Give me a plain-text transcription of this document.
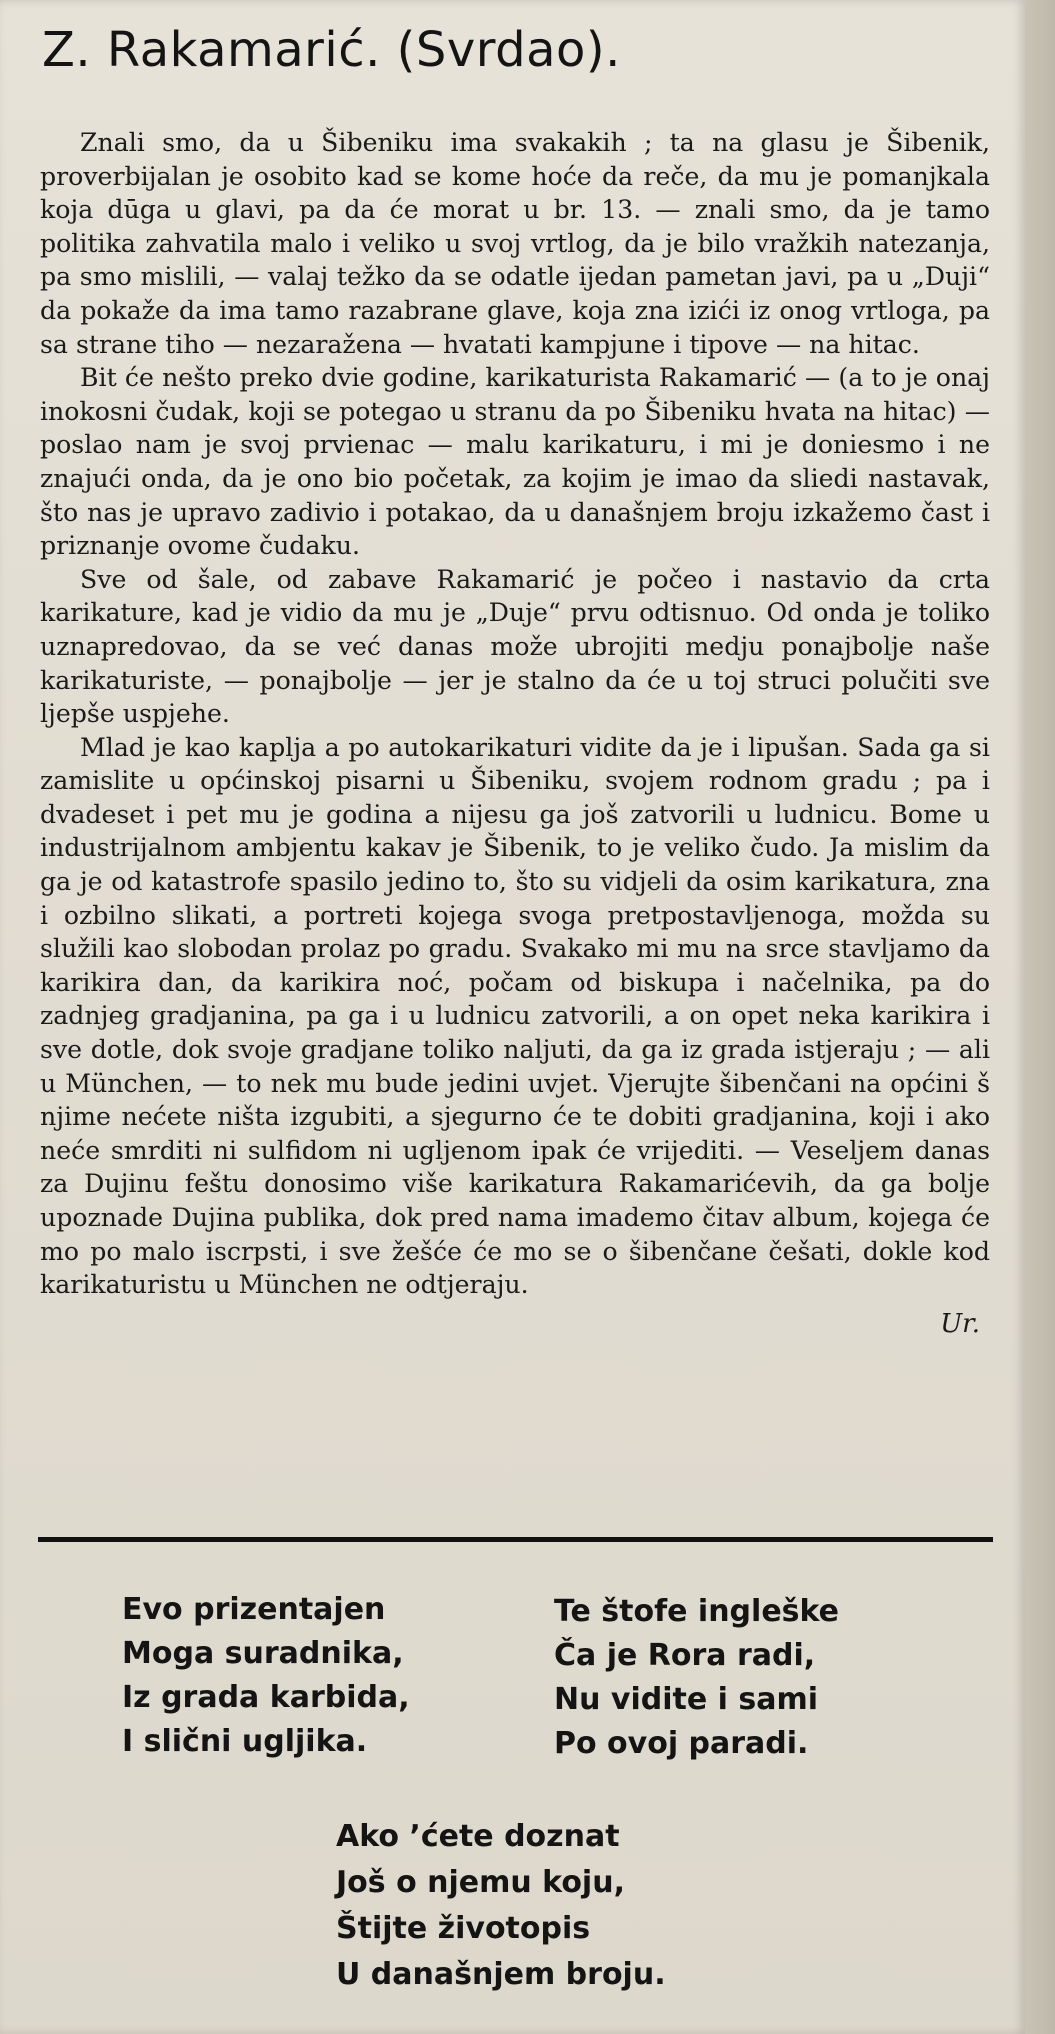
Z. Rakamarić. (Svrdao).

Znali smo, da u Šibeniku ima svakakih ; ta na glasu je Šibenik, proverbijalan je osobito kad se kome hoće da reče, da mu je pomanjkala koja dūga u glavi, pa da će morat u br. 13. — znali smo, da je tamo politika zahvatila malo i veliko u svoj vrtlog, da je bilo vražkih natezanja, pa smo mislili, — valaj težko da se odatle ijedan pametan javi, pa u „Duji“ da pokaže da ima tamo razabrane glave, koja zna izići iz onog vrtloga, pa sa strane tiho — nezaražena — hvatati kampjune i tipove — na hitac.

Bit će nešto preko dvie godine, karikaturista Rakamarić — (a to je onaj inokosni čudak, koji se potegao u stranu da po Šibeniku hvata na hitac) — poslao nam je svoj prvienac — malu karikaturu, i mi je doniesmo i ne znajući onda, da je ono bio početak, za kojim je imao da sliedi nastavak, što nas je upravo zadivio i potakao, da u današnjem broju izkažemo čast i priznanje ovome čudaku.

Sve od šale, od zabave Rakamarić je počeo i nastavio da crta karikature, kad je vidio da mu je „Duje“ prvu odtisnuo. Od onda je toliko uznapredovao, da se već danas može ubrojiti medju ponajbolje naše karikaturiste, — ponajbolje — jer je stalno da će u toj struci polučiti sve ljepše uspjehe.

Mlad je kao kaplja a po autokarikaturi vidite da je i lipušan. Sada ga si zamislite u općinskoj pisarni u Šibeniku, svojem rodnom gradu ; pa i dvadeset i pet mu je godina a nijesu ga još zatvorili u ludnicu. Bome u industrijalnom ambjentu kakav je Šibenik, to je veliko čudo. Ja mislim da ga je od katastrofe spasilo jedino to, što su vidjeli da osim karikatura, zna i ozbilno slikati, a portreti kojega svoga pretpostavljenoga, možda su služili kao slobodan prolaz po gradu. Svakako mi mu na srce stavljamo da karikira dan, da karikira noć, počam od biskupa i načelnika, pa do zadnjeg gradjanina, pa ga i u ludnicu zatvorili, a on opet neka karikira i sve dotle, dok svoje gradjane toliko naljuti, da ga iz grada istjeraju ; — ali u München, — to nek mu bude jedini uvjet. Vjerujte šibenčani na općini š njime nećete ništa izgubiti, a sjegurno će te dobiti gradjanina, koji i ako neće smrditi ni sulfidom ni ugljenom ipak će vrijediti. — Veseljem danas za Dujinu feštu donosimo više karikatura Rakamarićevih, da ga bolje upoznade Dujina publika, dok pred nama imademo čitav album, kojega će mo po malo iscrpsti, i sve žešće će mo se o šibenčane češati, dokle kod karikaturistu u München ne odtjeraju.

Ur.
Evo prizentajen
Moga suradnika,
Iz grada karbida,
I slični ugljika.
Te štofe ingleške
Ča je Rora radi,
Nu vidite i sami
Po ovoj paradi.
Ako ’ćete doznat
Još o njemu koju,
Štijte životopis
U današnjem broju.
